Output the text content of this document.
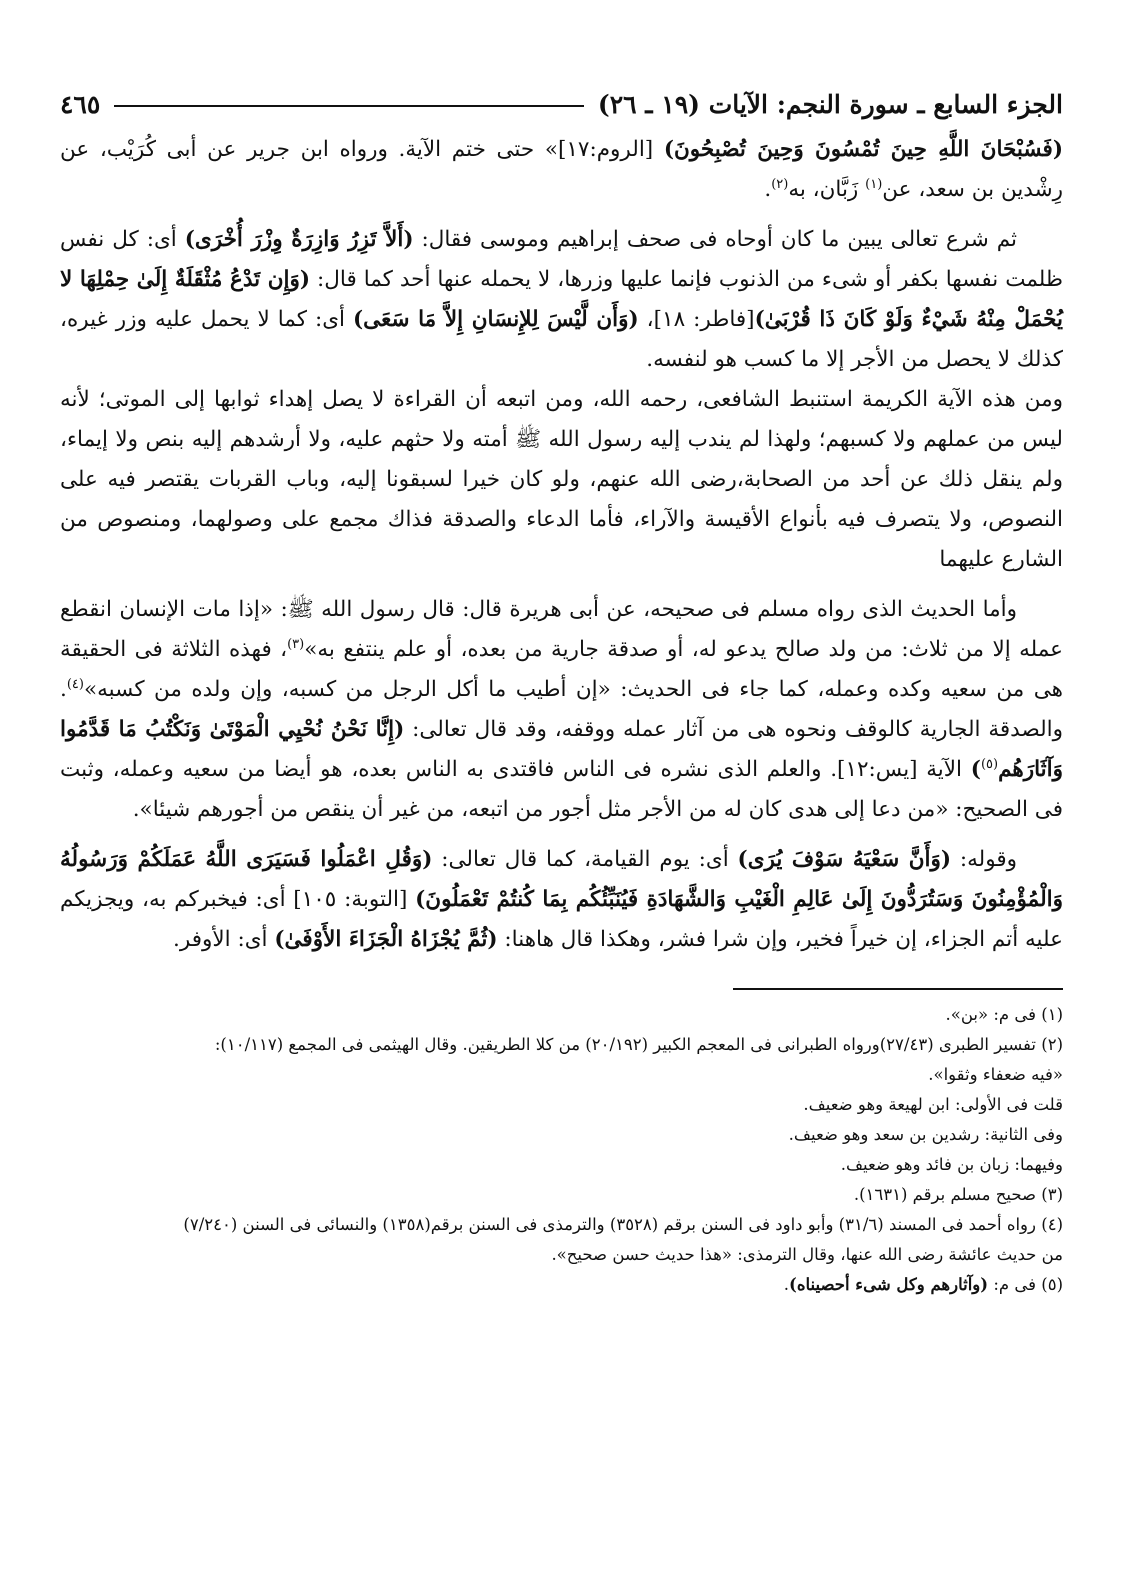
الجزء السابع ـ سورة النجم: الآيات (١٩ ـ ٢٦)
٤٦٥

(فَسُبْحَانَ اللَّهِ حِينَ تُمْسُونَ وَحِينَ تُصْبِحُونَ) [الروم:١٧]» حتى ختم الآية. ورواه ابن جرير عن أبى كُرَيْب، عن رِشْدين بن سعد، عن$^{(١)}$ زَبَّان، به$^{(٢)}$.

ثم شرع تعالى يبين ما كان أوحاه فى صحف إبراهيم وموسى فقال: (أَلاَّ تَزِرُ وَازِرَةٌ وِزْرَ أُخْرَى) أى: كل نفس ظلمت نفسها بكفر أو شىء من الذنوب فإنما عليها وزرها، لا يحمله عنها أحد كما قال: (وَإِن تَدْعُ مُثْقَلَةٌ إِلَىٰ حِمْلِهَا لا يُحْمَلْ مِنْهُ شَيْءٌ وَلَوْ كَانَ ذَا قُرْبَىٰ)[فاطر: ١٨]، (وَأَن لَّيْسَ لِلإِنسَانِ إِلاَّ مَا سَعَى) أى: كما لا يحمل عليه وزر غيره، كذلك لا يحصل من الأجر إلا ما كسب هو لنفسه.

ومن هذه الآية الكريمة استنبط الشافعى، رحمه الله، ومن اتبعه أن القراءة لا يصل إهداء ثوابها إلى الموتى؛ لأنه ليس من عملهم ولا كسبهم؛ ولهذا لم يندب إليه رسول الله ﷺ أمته ولا حثهم عليه، ولا أرشدهم إليه بنص ولا إيماء، ولم ينقل ذلك عن أحد من الصحابة،رضى الله عنهم، ولو كان خيرا لسبقونا إليه، وباب القربات يقتصر فيه على النصوص، ولا يتصرف فيه بأنواع الأقيسة والآراء، فأما الدعاء والصدقة فذاك مجمع على وصولهما، ومنصوص من الشارع عليهما

وأما الحديث الذى رواه مسلم فى صحيحه، عن أبى هريرة قال: قال رسول الله ﷺ: «إذا مات الإنسان انقطع عمله إلا من ثلاث: من ولد صالح يدعو له، أو صدقة جارية من بعده، أو علم ينتفع به»$^{(٣)}$، فهذه الثلاثة فى الحقيقة هى من سعيه وكده وعمله، كما جاء فى الحديث: «إن أطيب ما أكل الرجل من كسبه، وإن ولده من كسبه»$^{(٤)}$. والصدقة الجارية كالوقف ونحوه هى من آثار عمله ووقفه، وقد قال تعالى: (إِنَّا نَحْنُ نُحْيِي الْمَوْتَىٰ وَنَكْتُبُ مَا قَدَّمُوا وَآثَارَهُم$^{(٥)}$) الآية [يس:١٢]. والعلم الذى نشره فى الناس فاقتدى به الناس بعده، هو أيضا من سعيه وعمله، وثبت فى الصحيح: «من دعا إلى هدى كان له من الأجر مثل أجور من اتبعه، من غير أن ينقص من أجورهم شيئا».

وقوله: (وَأَنَّ سَعْيَهُ سَوْفَ يُرَى) أى: يوم القيامة، كما قال تعالى: (وَقُلِ اعْمَلُوا فَسَيَرَى اللَّهُ عَمَلَكُمْ وَرَسُولُهُ وَالْمُؤْمِنُونَ وَسَتُرَدُّونَ إِلَىٰ عَالِمِ الْغَيْبِ وَالشَّهَادَةِ فَيُنَبِّئُكُم بِمَا كُنتُمْ تَعْمَلُونَ) [التوبة: ١٠٥] أى: فيخبركم به، ويجزيكم عليه أتم الجزاء، إن خيراً فخير، وإن شرا فشر، وهكذا قال هاهنا: (ثُمَّ يُجْزَاهُ الْجَزَاءَ الأَوْفَىٰ) أى: الأوفر.

(١) فى م: «بن».
(٢) تفسير الطبرى (٢٧/٤٣)ورواه الطبرانى فى المعجم الكبير (٢٠/١٩٢) من كلا الطريقين. وقال الهيثمى فى المجمع (١٠/١١٧):
«فيه ضعفاء وثقوا».
قلت فى الأولى: ابن لهيعة وهو ضعيف.
وفى الثانية: رشدين بن سعد وهو ضعيف.
وفيهما: زبان بن فائد وهو ضعيف.
(٣) صحيح مسلم برقم (١٦٣١).
(٤) رواه أحمد فى المسند (٣١/٦) وأبو داود فى السنن برقم (٣٥٢٨) والترمذى فى السنن برقم(١٣٥٨) والنسائى فى السنن (٧/٢٤٠)
من حديث عائشة رضى الله عنها، وقال الترمذى: «هذا حديث حسن صحيح».
(٥) فى م: (وآثارهم وكل شىء أحصيناه).
